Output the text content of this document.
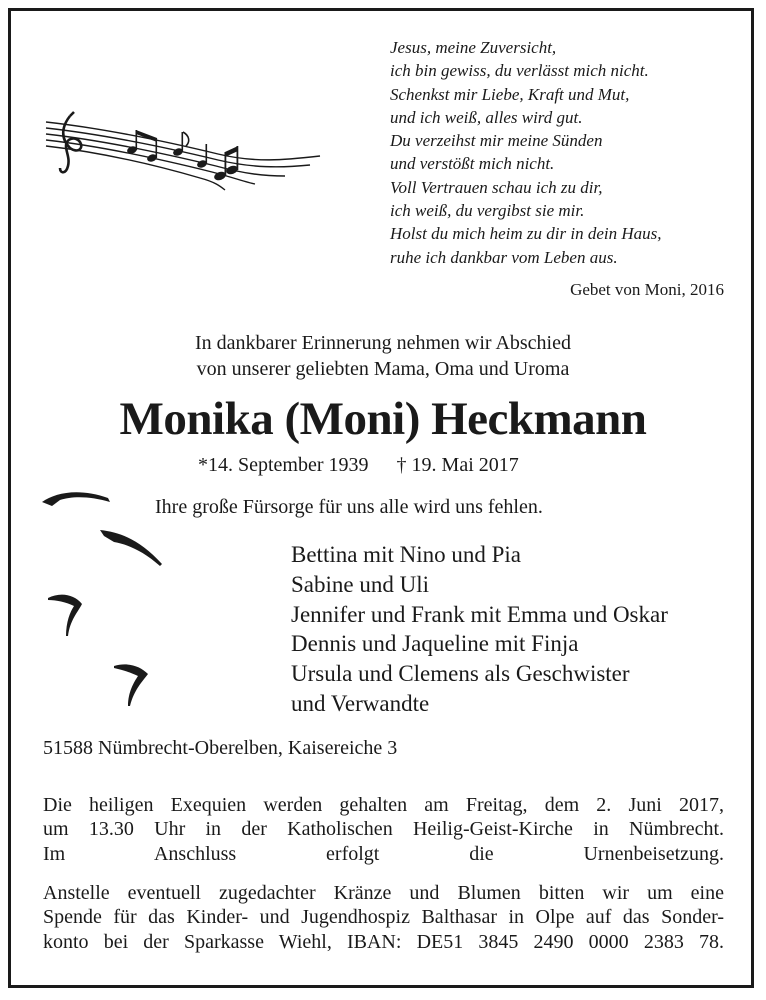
Jesus, meine Zuversicht,
ich bin gewiss, du verlässt mich nicht.
Schenkst mir Liebe, Kraft und Mut,
und ich weiß, alles wird gut.
Du verzeihst mir meine Sünden
und verstößt mich nicht.
Voll Vertrauen schau ich zu dir,
ich weiß, du vergibst sie mir.
Holst du mich heim zu dir in dein Haus,
ruhe ich dankbar vom Leben aus.
Gebet von Moni, 2016
In dankbarer Erinnerung nehmen wir Abschied
von unserer geliebten Mama, Oma und Uroma
Monika (Moni) Heckmann
*14. September 1939 † 19. Mai 2017
Ihre große Fürsorge für uns alle wird uns fehlen.
Bettina mit Nino und Pia
Sabine und Uli
Jennifer und Frank mit Emma und Oskar
Dennis und Jaqueline mit Finja
Ursula und Clemens als Geschwister
und Verwandte
51588 Nümbrecht-Oberelben, Kaisereiche 3
Die heiligen Exequien werden gehalten am Freitag, dem 2. Juni 2017,
um 13.30 Uhr in der Katholischen Heilig-Geist-Kirche in Nümbrecht.
Im Anschluss erfolgt die Urnenbeisetzung.
Anstelle eventuell zugedachter Kränze und Blumen bitten wir um eine
Spende für das Kinder- und Jugendhospiz Balthasar in Olpe auf das Sonder-
konto bei der Sparkasse Wiehl, IBAN: DE51 3845 2490 0000 2383 78.
